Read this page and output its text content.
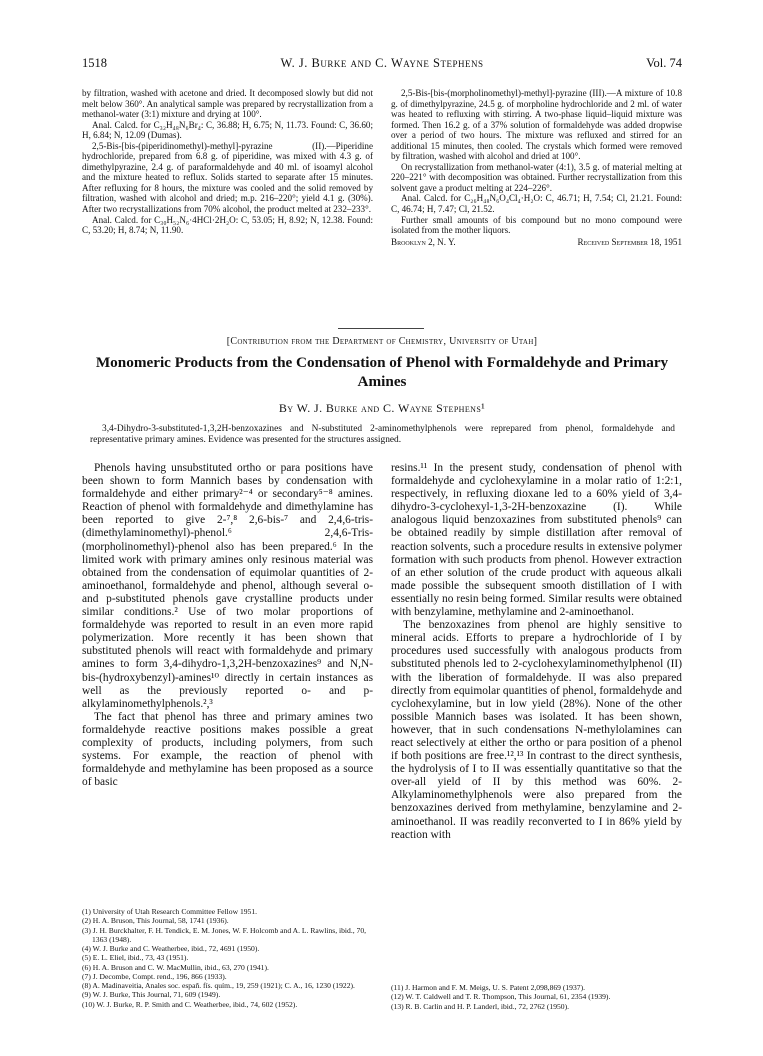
1518	W. J. Burke and C. Wayne Stephens	Vol. 74

by filtration, washed with acetone and dried. It decomposed slowly but did not melt below 360°. An analytical sample was prepared by recrystallization from a methanol-water (3:1) mixture and drying at 100°.

Anal. Calcd. for C₃₂H₄₈N₆Br₄: C, 36.88; H, 6.75; N, 11.73. Found: C, 36.60; H, 6.84; N, 12.09 (Dumas).

2,5-Bis-[bis-(piperidinomethyl)-methyl]-pyrazine (II).—Piperidine hydrochloride, prepared from 6.8 g. of piperidine, was mixed with 4.3 g. of dimethylpyrazine, 2.4 g. of paraformaldehyde and 40 ml. of isoamyl alcohol and the mixture heated to reflux. Solids started to separate after 15 minutes. After refluxing for 8 hours, the mixture was cooled and the solid removed by filtration, washed with alcohol and dried; m.p. 216–220°; yield 4.1 g. (30%). After two recrystallizations from 70% alcohol, the product melted at 232–233°.

Anal. Calcd. for C₃₀H₅₂N₆·4HCl·2H₂O: C, 53.05; H, 8.92; N, 12.38. Found: C, 53.20; H, 8.74; N, 11.90.

2,5-Bis-[bis-(morpholinomethyl)-methyl]-pyrazine (III).—A mixture of 10.8 g. of dimethylpyrazine, 24.5 g. of morpholine hydrochloride and 2 ml. of water was heated to refluxing with stirring. A two-phase liquid–liquid mixture was formed. Then 16.2 g. of a 37% solution of formaldehyde was added dropwise over a period of two hours. The mixture was refluxed and stirred for an additional 15 minutes, then cooled. The crystals which formed were removed by filtration, washed with alcohol and dried at 100°.

On recrystallization from methanol-water (4:1), 3.5 g. of material melting at 220–221° with decomposition was obtained. Further recrystallization from this solvent gave a product melting at 224–226°.

Anal. Calcd. for C₂₆H₄₈N₆O₄Cl₄·H₂O: C, 46.71; H, 7.54; Cl, 21.21. Found: C, 46.74; H, 7.47; Cl, 21.52.

Further small amounts of bis compound but no mono compound were isolated from the mother liquors.

Brooklyn 2, N. Y.	Received September 18, 1951
[Contribution from the Department of Chemistry, University of Utah]
Monomeric Products from the Condensation of Phenol with Formaldehyde and Primary Amines
By W. J. Burke and C. Wayne Stephens¹
3,4-Dihydro-3-substituted-1,3,2H-benzoxazines and N-substituted 2-aminomethylphenols were reprepared from phenol, formaldehyde and representative primary amines. Evidence was presented for the structures assigned.

Phenols having unsubstituted ortho or para positions have been shown to form Mannich bases by condensation with formaldehyde and either primary²⁻⁴ or secondary⁵⁻⁸ amines. Reaction of phenol with formaldehyde and dimethylamine has been reported to give 2-⁷,⁸ 2,6-bis-⁷ and 2,4,6-tris-(dimethylaminomethyl)-phenol.⁶ 2,4,6-Tris-(morpholinomethyl)-phenol also has been prepared.⁶ In the limited work with primary amines only resinous material was obtained from the condensation of equimolar quantities of 2-aminoethanol, formaldehyde and phenol, although several o- and p-substituted phenols gave crystalline products under similar conditions.² Use of two molar proportions of formaldehyde was reported to result in an even more rapid polymerization. More recently it has been shown that substituted phenols will react with formaldehyde and primary amines to form 3,4-dihydro-1,3,2H-benzoxazines⁹ and N,N-bis-(hydroxybenzyl)-amines¹⁰ directly in certain instances as well as the previously reported o- and p-alkylaminomethylphenols.²,³

The fact that phenol has three and primary amines two formaldehyde reactive positions makes possible a great complexity of products, including polymers, from such systems. For example, the reaction of phenol with formaldehyde and methylamine has been proposed as a source of basic

resins.¹¹ In the present study, condensation of phenol with formaldehyde and cyclohexylamine in a molar ratio of 1:2:1, respectively, in refluxing dioxane led to a 60% yield of 3,4-dihydro-3-cyclohexyl-1,3-2H-benzoxazine (I). While analogous liquid benzoxazines from substituted phenols⁹ can be obtained readily by simple distillation after removal of reaction solvents, such a procedure results in extensive polymer formation with such products from phenol. However extraction of an ether solution of the crude product with aqueous alkali made possible the subsequent smooth distillation of I with essentially no resin being formed. Similar results were obtained with benzylamine, methylamine and 2-aminoethanol.

The benzoxazines from phenol are highly sensitive to mineral acids. Efforts to prepare a hydrochloride of I by procedures used successfully with analogous products from substituted phenols led to 2-cyclohexylaminomethylphenol (II) with the liberation of formaldehyde. II was also prepared directly from equimolar quantities of phenol, formaldehyde and cyclohexylamine, but in low yield (28%). None of the other possible Mannich bases was isolated. It has been shown, however, that in such condensations N-methylolamines can react selectively at either the ortho or para position of a phenol if both positions are free.¹²,¹³ In contrast to the direct synthesis, the hydrolysis of I to II was essentially quantitative so that the over-all yield of II by this method was 60%. 2-Alkylaminomethylphenols were also prepared from the benzoxazines derived from methylamine, benzylamine and 2-aminoethanol. II was readily reconverted to I in 86% yield by reaction with

(1) University of Utah Research Committee Fellow 1951.
(2) H. A. Bruson, This Journal, 58, 1741 (1936).
(3) J. H. Burckhalter, F. H. Tendick, E. M. Jones, W. F. Holcomb and A. L. Rawlins, ibid., 70, 1363 (1948).
(4) W. J. Burke and C. Weatherbee, ibid., 72, 4691 (1950).
(5) E. L. Eliel, ibid., 73, 43 (1951).
(6) H. A. Bruson and C. W. MacMullin, ibid., 63, 270 (1941).
(7) J. Decombe, Compt. rend., 196, 866 (1933).
(8) A. Madinaveitia, Anales soc. españ. fís. quím., 19, 259 (1921); C. A., 16, 1230 (1922).
(9) W. J. Burke, This Journal, 71, 609 (1949).
(10) W. J. Burke, R. P. Smith and C. Weatherbee, ibid., 74, 602 (1952).
(11) J. Harmon and F. M. Meigs, U. S. Patent 2,098,869 (1937).
(12) W. T. Caldwell and T. R. Thompson, This Journal, 61, 2354 (1939).
(13) R. B. Carlin and H. P. Landerl, ibid., 72, 2762 (1950).
